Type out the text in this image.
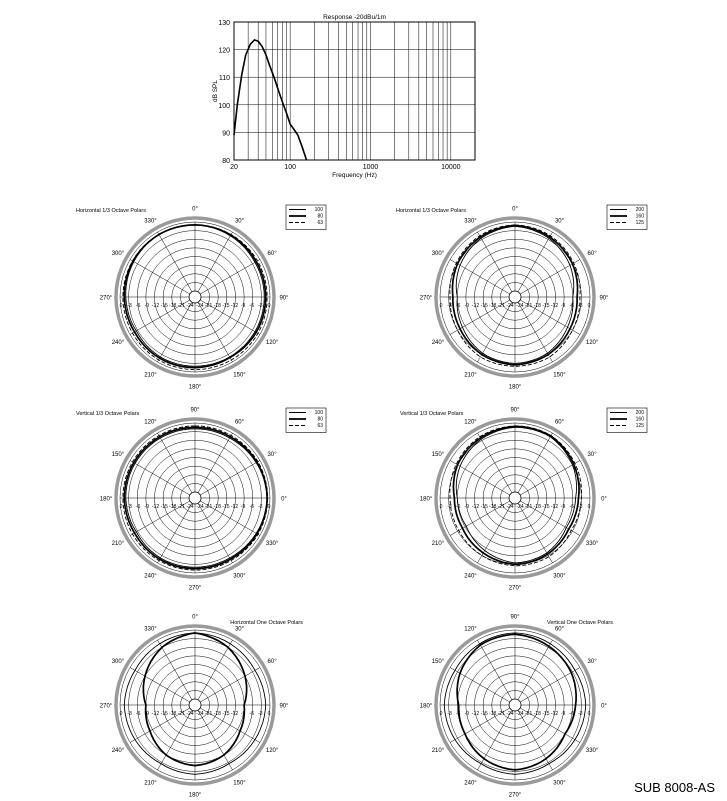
80
90
100
110
120
130
20	100	1000	10000
Response -20dBu/1m
Frequency (Hz)
dB SPL
0°
30°
60°
90°
120°
150°
180°
210°
240°
270°
300°
330°
0	0
-3	-3
-6	-6
-9	-9
-12	-12
-15	-15
-18	-18
-21	-21
-24 -24
Horizontal 1/3 Octave Polars	100
80
63
0°
30°
60°
90°
120°
150°
180°
210°
240°
270°
300°
330°
0	0
-3	-3
-6	-6
-9	-9
-12	-12
-15	-15
-18	-18
-21	-21
-24 -24
Horizontal 1/3 Octave Polars	200
160
125
90°
60°
30°
0°
330°
300°
270°
240°
210°
180°
150°
120°
0	0
-3	-3
-6	-6
-9	-9
-12	-12
-15	-15
-18	-18
-21	-21
-24 -24
Vertical 1/3 Octave Polars	100
80
63
90°
60°
30°
0°
330°
300°
270°
240°
210°
180°
150°
120°
0	0
-3	-3
-6	-6
-9	-9
-12	-12
-15	-15
-18	-18
-21	-21
-24 -24
Vertical 1/3 Octave Polars	200
160
125
0°
30°
60°
90°
120°
150°
180°
210°
240°
270°
300°
330°
0	0
-3	-3
-6	-6
-9	-9
-12	-12
-15	-15
-18	-18
-21	-21
-24 -24
Horizontal One Octave Polars
90°
60°
30°
0°
330°
300°
270°
240°
210°
180°
150°
120°
0	0
-3	-3
-6	-6
-9	-9
-12	-12
-15	-15
-18	-18
-21	-21
-24 -24
Vertical One Octave Polars
SUB 8008-AS
